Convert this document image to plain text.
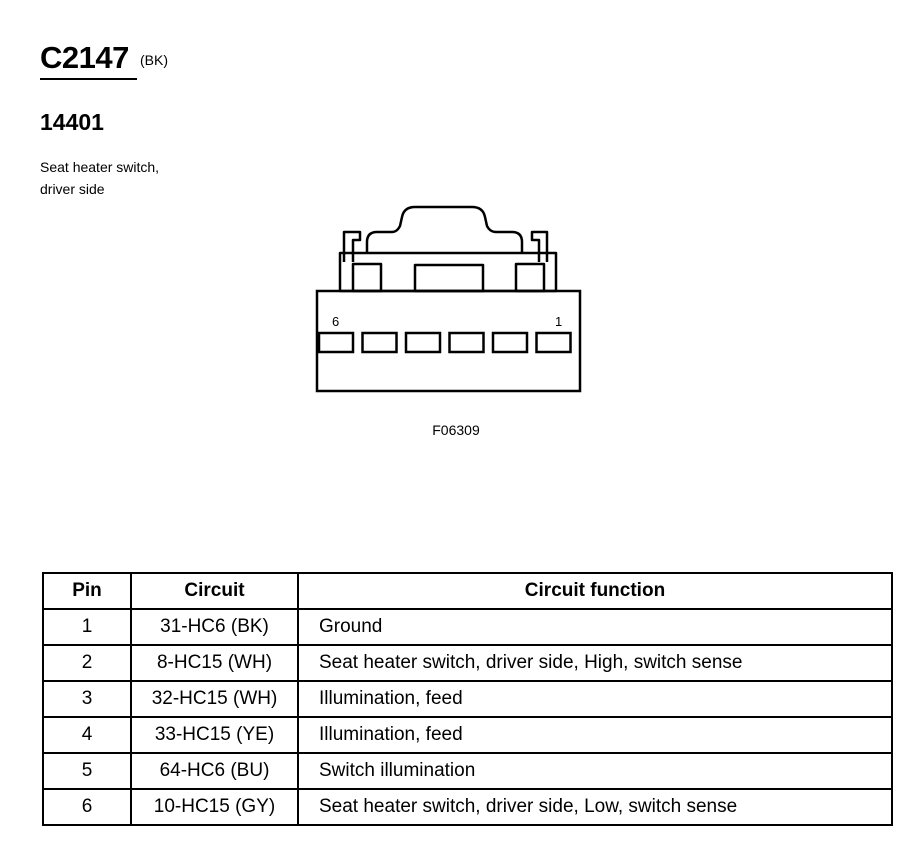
C2147 (BK)
14401
Seat heater switch,
driver side
6	1
F06309
Pin	Circuit	Circuit function
1	31-HC6 (BK)	Ground
2	8-HC15 (WH)	Seat heater switch, driver side, High, switch sense
3	32-HC15 (WH)	Illumination, feed
4	33-HC15 (YE)	Illumination, feed
5	64-HC6 (BU)	Switch illumination
6	10-HC15 (GY)	Seat heater switch, driver side, Low, switch sense
